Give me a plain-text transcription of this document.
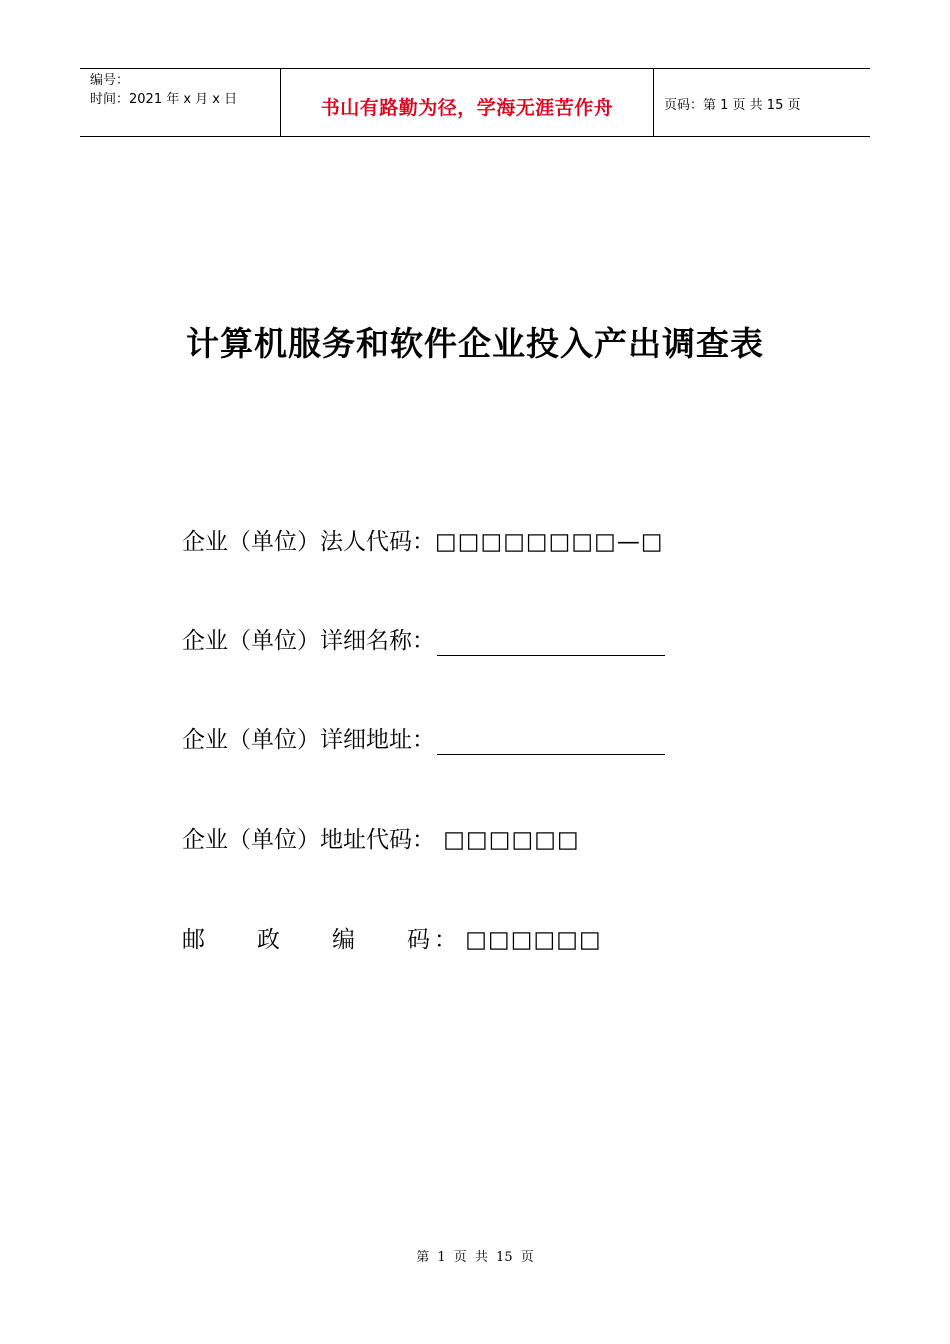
编号：
时间：2021 年 x 月 x 日	书山有路勤为径，学海无涯苦作舟	页码：第 1 页 共 15 页
计算机服务和软件企业投入产出调查表
企业（单位）法人代码：□□□□□□□□—□
企业（单位）详细名称：
企业（单位）详细地址：
企业（单位）地址代码： □□□□□□
邮 政 编 码 ： □□□□□□
第 1 页 共 15 页
